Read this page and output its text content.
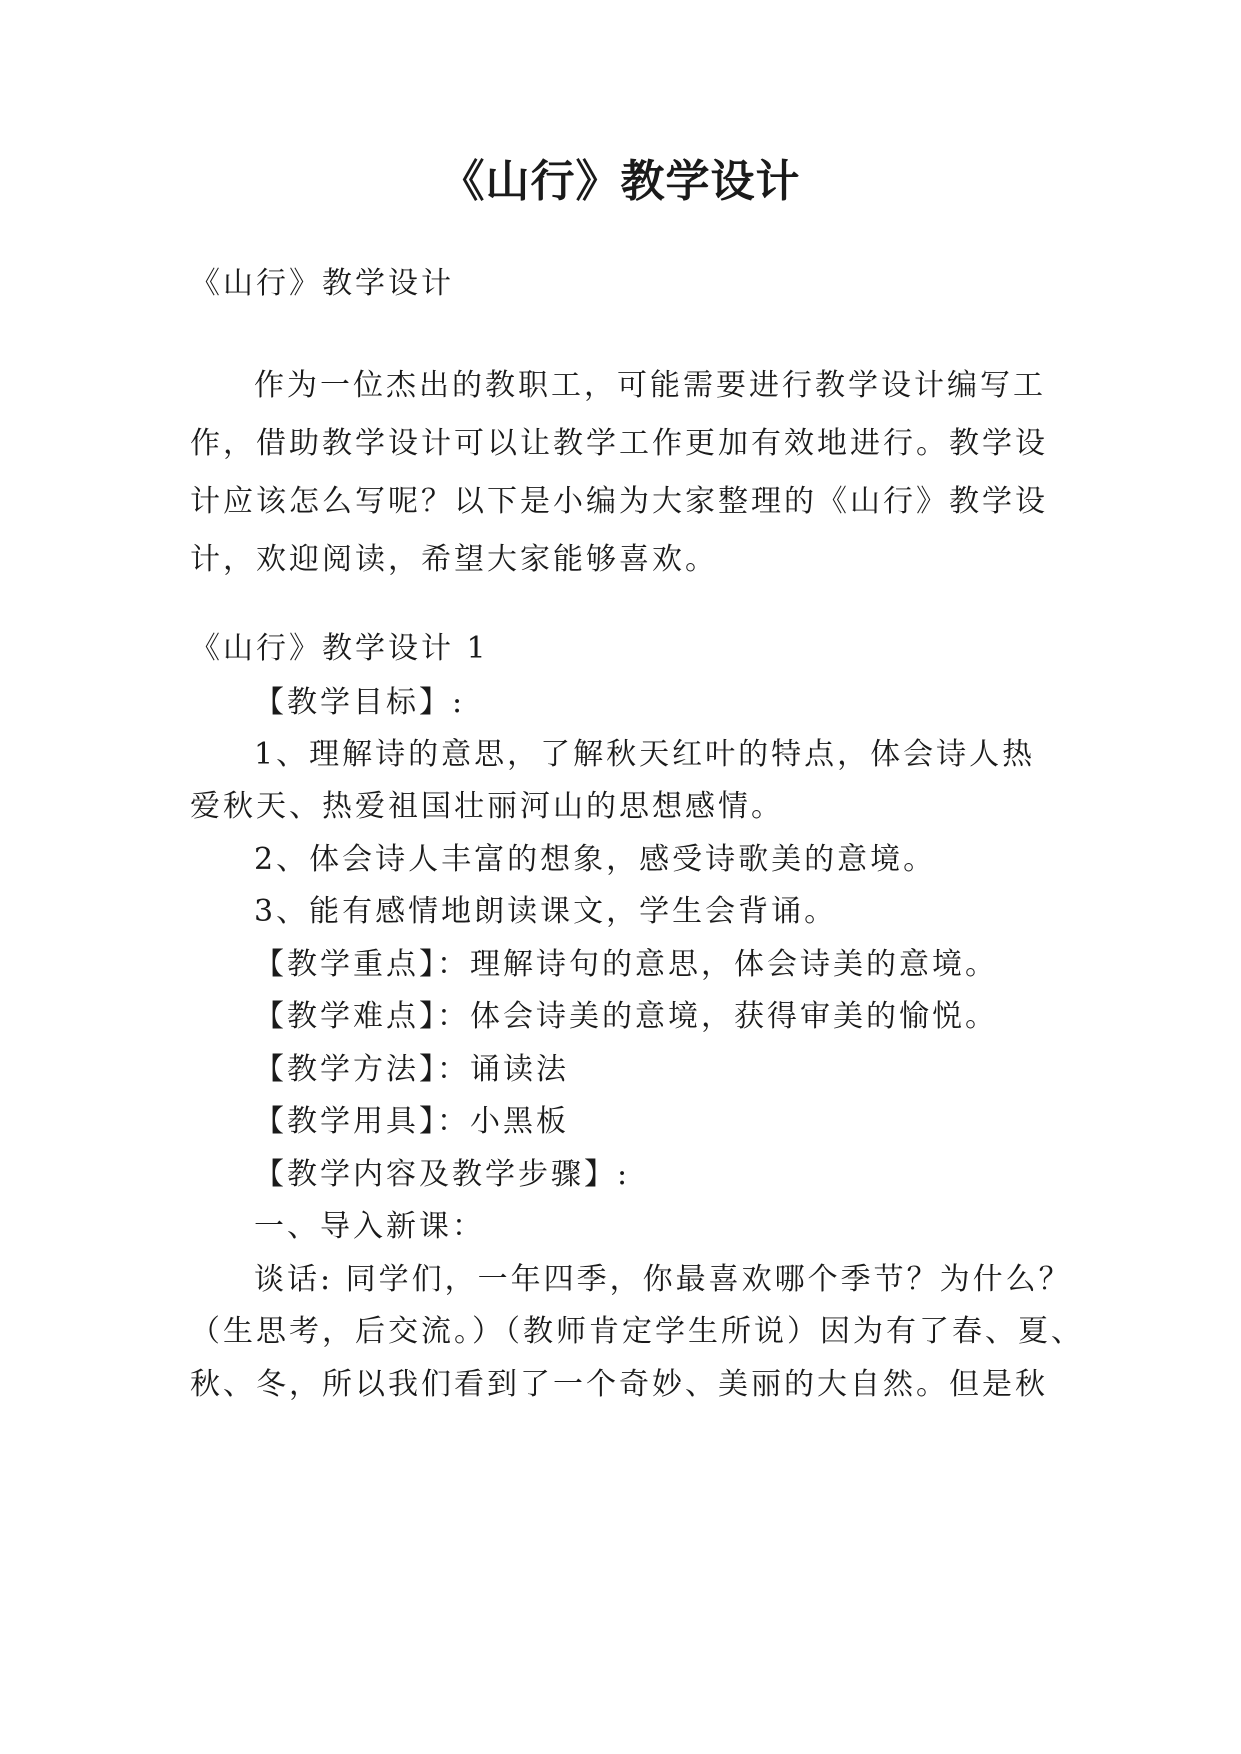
《山行》教学设计
《山行》教学设计
作为一位杰出的教职工，可能需要进行教学设计编写工
作，借助教学设计可以让教学工作更加有效地进行。教学设
计应该怎么写呢？以下是小编为大家整理的《山行》教学设
计，欢迎阅读，希望大家能够喜欢。
《山行》教学设计 1
【教学目标】:
1、理解诗的意思，了解秋天红叶的特点，体会诗人热
爱秋天、热爱祖国壮丽河山的思想感情。
2、体会诗人丰富的想象，感受诗歌美的意境。
3、能有感情地朗读课文，学生会背诵。
【教学重点】：理解诗句的意思，体会诗美的意境。
【教学难点】：体会诗美的意境，获得审美的愉悦。
【教学方法】：诵读法
【教学用具】：小黑板
【教学内容及教学步骤】:
一、导入新课：
谈话: 同学们，一年四季，你最喜欢哪个季节？为什么？
（生思考，后交流。）（教师肯定学生所说）因为有了春、夏、
秋、冬，所以我们看到了一个奇妙、美丽的大自然。但是秋
